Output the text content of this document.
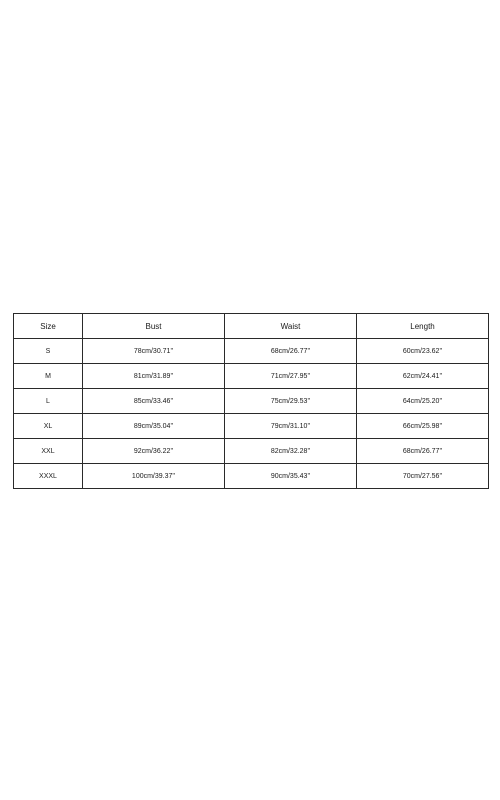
Size	Bust	Waist	Length
S	78cm/30.71''	68cm/26.77''	60cm/23.62''
M	81cm/31.89''	71cm/27.95''	62cm/24.41''
L	85cm/33.46''	75cm/29.53''	64cm/25.20''
XL	89cm/35.04''	79cm/31.10''	66cm/25.98''
XXL	92cm/36.22''	82cm/32.28''	68cm/26.77''
XXXL	100cm/39.37''	90cm/35.43''	70cm/27.56''
